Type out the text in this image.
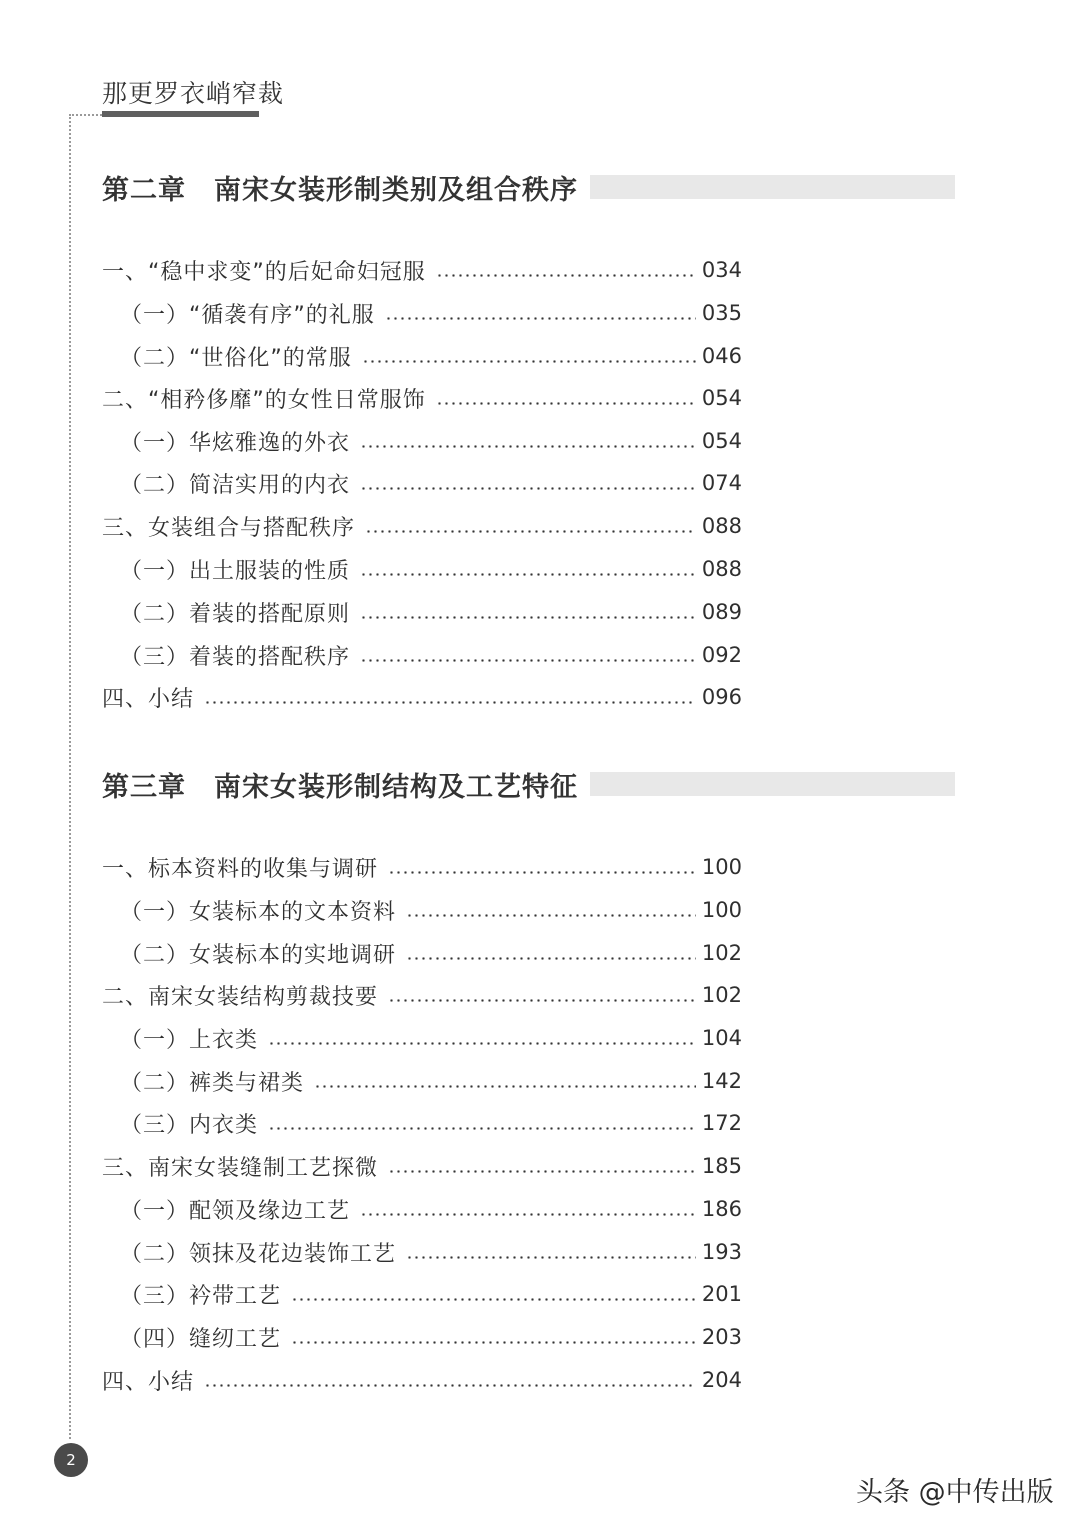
那更罗衣峭窄裁
第二章 南宋女装形制类别及组合秩序
一、“稳中求变”的后妃命妇冠服	034
（一）“循袭有序”的礼服	035
（二）“世俗化”的常服	046
二、“相矜侈靡”的女性日常服饰	054
（一）华炫雅逸的外衣	054
（二）简洁实用的内衣	074
三、女装组合与搭配秩序	088
（一）出土服装的性质	088
（二）着装的搭配原则	089
（三）着装的搭配秩序	092
四、小结	096
第三章 南宋女装形制结构及工艺特征
一、标本资料的收集与调研	100
（一）女装标本的文本资料	100
（二）女装标本的实地调研	102
二、南宋女装结构剪裁技要	102
（一）上衣类	104
（二）裤类与裙类	142
（三）内衣类	172
三、南宋女装缝制工艺探微	185
（一）配领及缘边工艺	186
（二）领抹及花边装饰工艺	193
（三）衿带工艺	201
（四）缝纫工艺	203
四、小结	204
2
头条 @中传出版
